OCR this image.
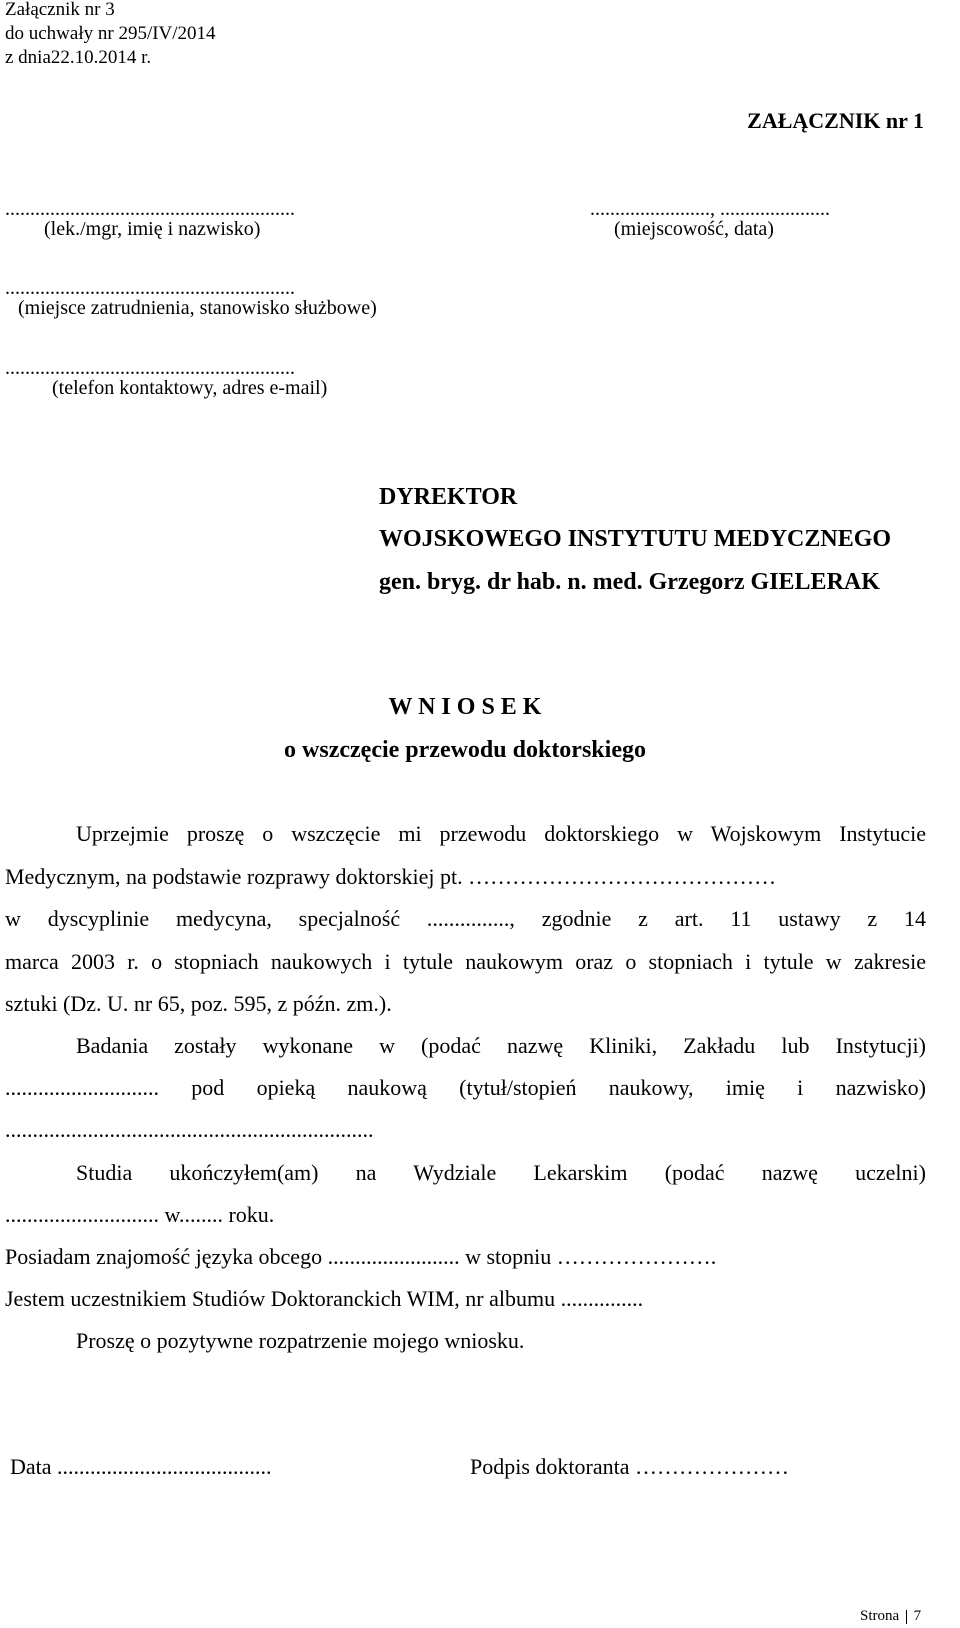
Załącznik nr 3
do uchwały nr 295/IV/2014
z dnia22.10.2014 r.
ZAŁĄCZNIK nr 1
..........................................................
(lek./mgr, imię i nazwisko)
........................, ......................
(miejscowość, data)
..........................................................
(miejsce zatrudnienia, stanowisko służbowe)
..........................................................
(telefon kontaktowy, adres e-mail)
DYREKTOR
WOJSKOWEGO INSTYTUTU MEDYCZNEGO
gen. bryg. dr hab. n. med. Grzegorz GIELERAK
W N I O S E K
o wszczęcie przewodu doktorskiego
Uprzejmie proszę o wszczęcie mi przewodu doktorskiego w Wojskowym Instytucie
Medycznym, na podstawie rozprawy doktorskiej pt. ……………………………………
w dyscyplinie medycyna, specjalność ..............., zgodnie z art. 11 ustawy z 14
marca 2003 r. o stopniach naukowych i tytule naukowym oraz o stopniach i tytule w zakresie
sztuki (Dz. U. nr 65, poz. 595, z późn. zm.).
Badania zostały wykonane w (podać nazwę Kliniki, Zakładu lub Instytucji)
............................ pod opieką naukową (tytuł/stopień naukowy, imię i nazwisko)
...................................................................
Studia ukończyłem(am) na Wydziale Lekarskim (podać nazwę uczelni)
............................ w........ roku.
Posiadam znajomość języka obcego ........................ w stopniu ………………….
Jestem uczestnikiem Studiów Doktoranckich WIM, nr albumu ...............
Proszę o pozytywne rozpatrzenie mojego wniosku.
Data .......................................	Podpis doktoranta …………………
Strona 7
